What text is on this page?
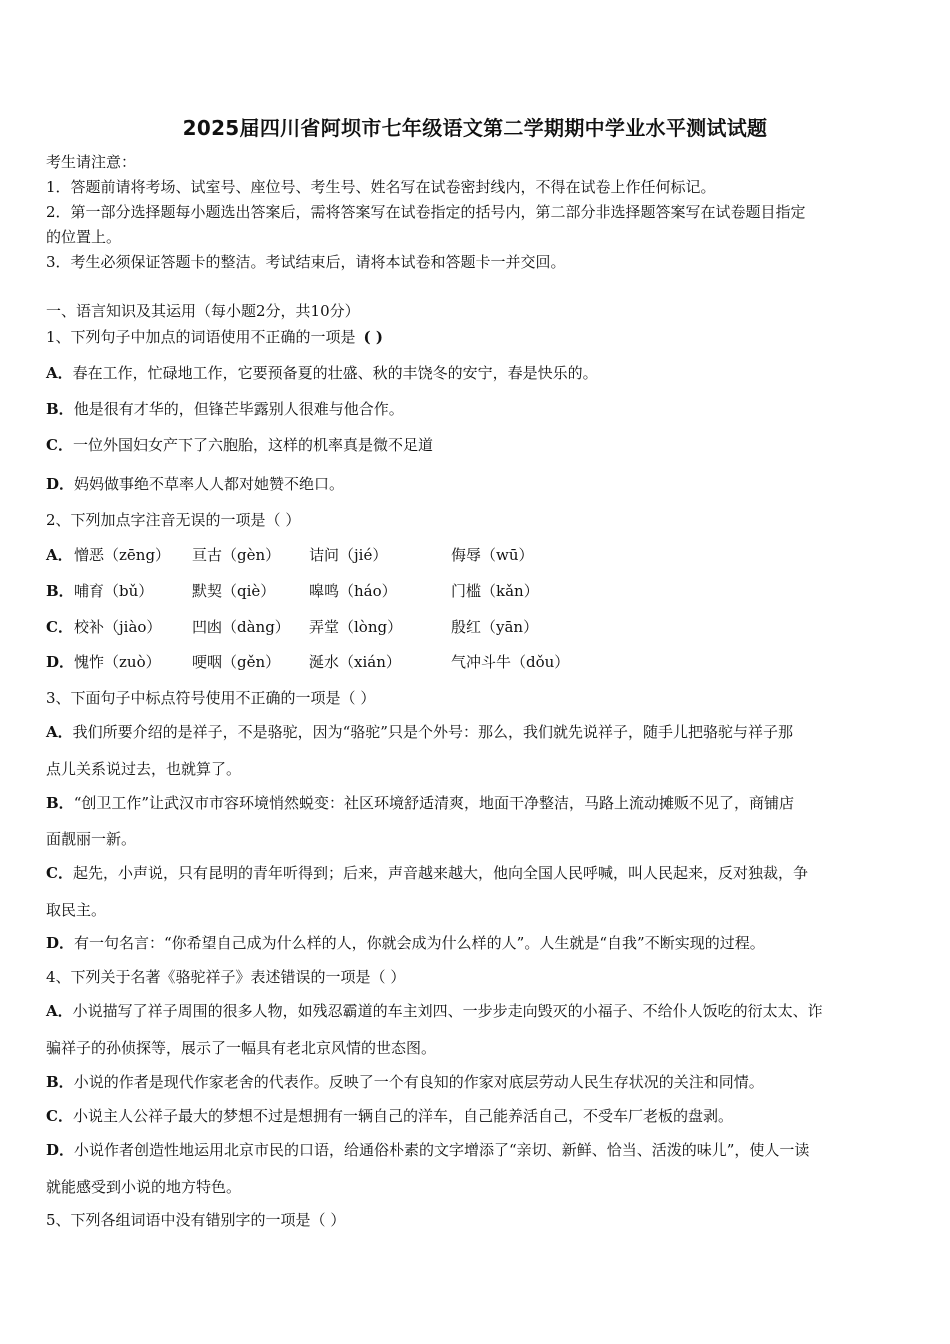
2025届四川省阿坝市七年级语文第二学期期中学业水平测试试题
考生请注意：
1．答题前请将考场、试室号、座位号、考生号、姓名写在试卷密封线内，不得在试卷上作任何标记。
2．第一部分选择题每小题选出答案后，需将答案写在试卷指定的括号内，第二部分非选择题答案写在试卷题目指定
的位置上。
3．考生必须保证答题卡的整洁。考试结束后，请将本试卷和答题卡一并交回。
一、语言知识及其运用（每小题2分，共10分）
1、下列句子中加点的词语使用不正确的一项是 ( )
A．春在工作，忙碌地工作，它要预备夏的壮盛、秋的丰饶冬的安宁，春是快乐的。
B．他是很有才华的，但锋芒毕露别人很难与他合作。
C．一位外国妇女产下了六胞胎，这样的机率真是微不足道
D．妈妈做事绝不草率人人都对她赞不绝口。
2、下列加点字注音无误的一项是（ ）
A． 憎恶（zēng） 亘古（gèn） 诘问（jié）	侮辱（wū）
B． 哺育（bǔ）	默契（qiè） 嗥鸣（háo）	门槛（kǎn）
C． 校补（jiào） 凹凼（dàng） 弄堂（lòng）	殷红（yān）
D． 愧怍（zuò） 哽咽（gěn） 涎水（xián）	气冲斗牛（dǒu）
3、下面句子中标点符号使用不正确的一项是（ ）
A．我们所要介绍的是祥子，不是骆驼，因为“骆驼”只是个外号：那么，我们就先说祥子，随手儿把骆驼与祥子那
点儿关系说过去，也就算了。
B．“创卫工作”让武汉市市容环境悄然蜕变：社区环境舒适清爽，地面干净整洁，马路上流动摊贩不见了，商铺店
面靓丽一新。
C．起先，小声说，只有昆明的青年听得到；后来，声音越来越大，他向全国人民呼喊，叫人民起来，反对独裁，争
取民主。
D．有一句名言：“你希望自己成为什么样的人，你就会成为什么样的人”。人生就是“自我”不断实现的过程。
4、下列关于名著《骆驼祥子》表述错误的一项是（ ）
A．小说描写了祥子周围的很多人物，如残忍霸道的车主刘四、一步步走向毁灭的小福子、不给仆人饭吃的衍太太、诈
骗祥子的孙侦探等，展示了一幅具有老北京风情的世态图。
B．小说的作者是现代作家老舍的代表作。反映了一个有良知的作家对底层劳动人民生存状况的关注和同情。
C．小说主人公祥子最大的梦想不过是想拥有一辆自己的洋车，自己能养活自己，不受车厂老板的盘剥。
D．小说作者创造性地运用北京市民的口语，给通俗朴素的文字增添了“亲切、新鲜、恰当、活泼的味儿”，使人一读
就能感受到小说的地方特色。
5、下列各组词语中没有错别字的一项是（ ）
